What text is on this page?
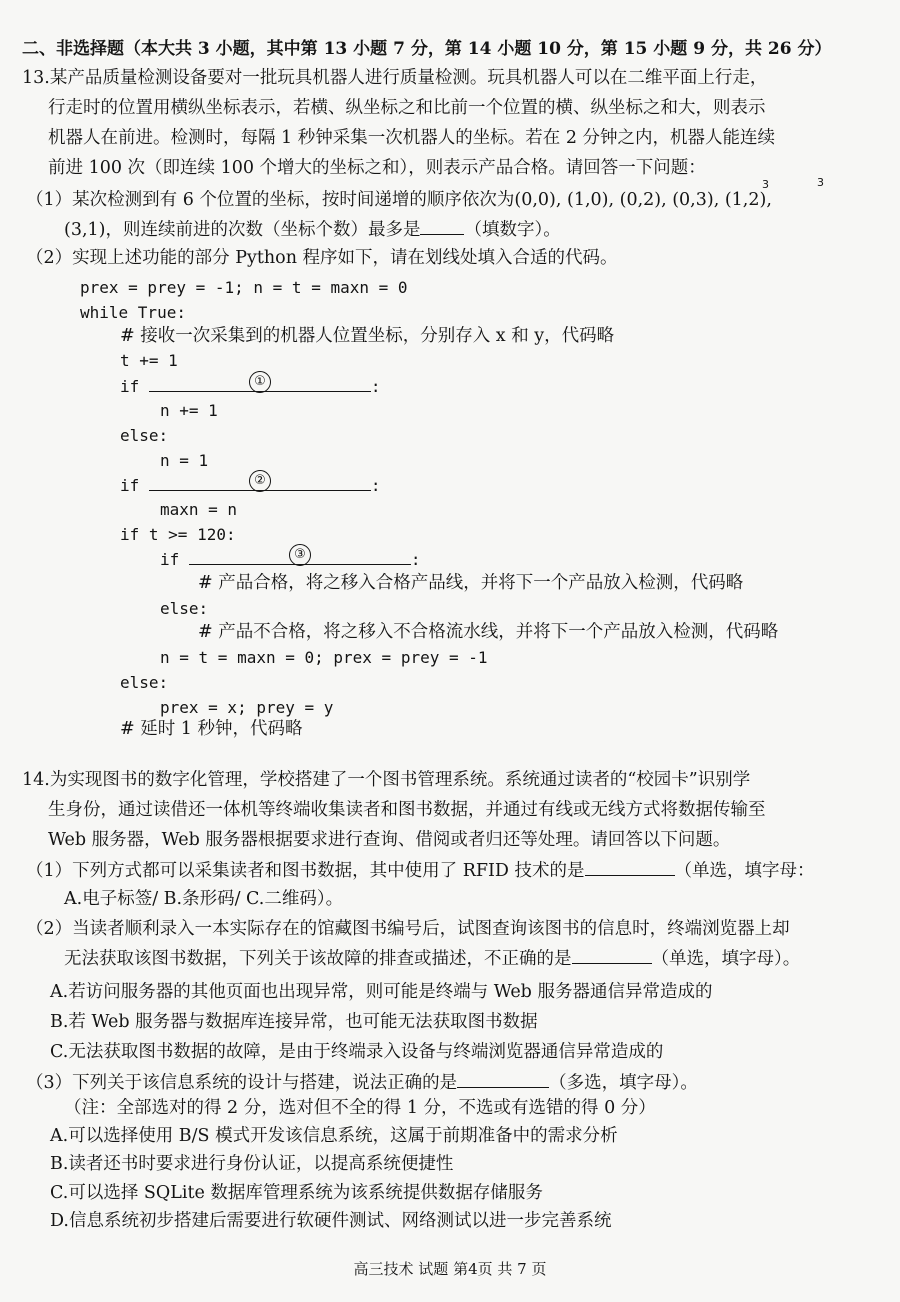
二、非选择题（本大共 3 小题，其中第 13 小题 7 分，第 14 小题 10 分，第 15 小题 9 分，共 26 分）
13.某产品质量检测设备要对一批玩具机器人进行质量检测。玩具机器人可以在二维平面上行走，
行走时的位置用横纵坐标表示，若横、纵坐标之和比前一个位置的横、纵坐标之和大，则表示
机器人在前进。检测时，每隔 1 秒钟采集一次机器人的坐标。若在 2 分钟之内，机器人能连续
前进 100 次（即连续 100 个增大的坐标之和），则表示产品合格。请回答一下问题：
3	3
（1）某次检测到有 6 个位置的坐标，按时间递增的顺序依次为(0,0), (1,0), (0,2), (0,3), (1,2),
(3,1)，则连续前进的次数（坐标个数）最多是	（填数字）。
（2）实现上述功能的部分 Python 程序如下，请在划线处填入合适的代码。
prex = prey = -1; n = t = maxn = 0
while True:
# 接收一次采集到的机器人位置坐标，分别存入 x 和 y，代码略
t += 1
if	①	:
n += 1
else:
n = 1
if	②	:
maxn = n
if t >= 120:
if	③	:
# 产品合格，将之移入合格产品线，并将下一个产品放入检测，代码略
else:
# 产品不合格，将之移入不合格流水线，并将下一个产品放入检测，代码略
n = t = maxn = 0; prex = prey = -1
else:
prex = x; prey = y
# 延时 1 秒钟，代码略
14.为实现图书的数字化管理，学校搭建了一个图书管理系统。系统通过读者的“校园卡”识别学
生身份，通过读借还一体机等终端收集读者和图书数据，并通过有线或无线方式将数据传输至
Web 服务器，Web 服务器根据要求进行查询、借阅或者归还等处理。请回答以下问题。
（1）下列方式都可以采集读者和图书数据，其中使用了 RFID 技术的是	（单选，填字母：
A.电子标签/ B.条形码/ C.二维码）。
（2）当读者顺利录入一本实际存在的馆藏图书编号后，试图查询该图书的信息时，终端浏览器上却
无法获取该图书数据，下列关于该故障的排查或描述，不正确的是	（单选，填字母）。
A.若访问服务器的其他页面也出现异常，则可能是终端与 Web 服务器通信异常造成的
B.若 Web 服务器与数据库连接异常，也可能无法获取图书数据
C.无法获取图书数据的故障，是由于终端录入设备与终端浏览器通信异常造成的
（3）下列关于该信息系统的设计与搭建，说法正确的是	（多选，填字母）。
（注：全部选对的得 2 分，选对但不全的得 1 分，不选或有选错的得 0 分）
A.可以选择使用 B/S 模式开发该信息系统，这属于前期准备中的需求分析
B.读者还书时要求进行身份认证，以提高系统便捷性
C.可以选择 SQLite 数据库管理系统为该系统提供数据存储服务
D.信息系统初步搭建后需要进行软硬件测试、网络测试以进一步完善系统
高三技术 试题 第4页 共 7 页
